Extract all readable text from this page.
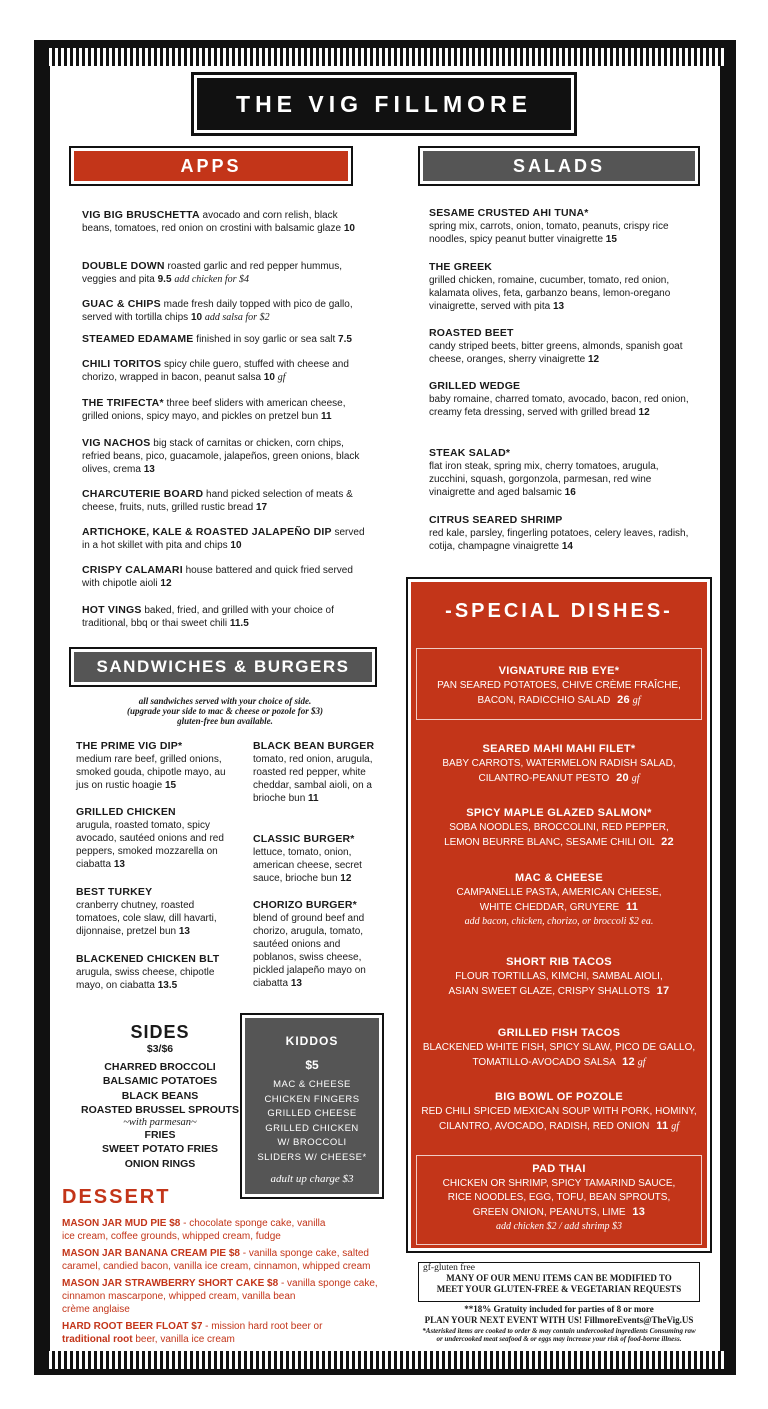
THE VIG FILLMORE
APPS
VIG BIG BRUSCHETTA avocado and corn relish, black beans, tomatoes, red onion on crostini with balsamic glaze 10
DOUBLE DOWN roasted garlic and red pepper hummus, veggies and pita 9.5 add chicken for $4
GUAC & CHIPS made fresh daily topped with pico de gallo, served with tortilla chips 10 add salsa for $2
STEAMED EDAMAME finished in soy garlic or sea salt 7.5
CHILI TORITOS spicy chile guero, stuffed with cheese and chorizo, wrapped in bacon, peanut salsa 10 gf
THE TRIFECTA* three beef sliders with american cheese, grilled onions, spicy mayo, and pickles on pretzel bun 11
VIG NACHOS big stack of carnitas or chicken, corn chips, refried beans, pico, guacamole, jalapeños, green onions, black olives, crema 13
CHARCUTERIE BOARD hand picked selection of meats & cheese, fruits, nuts, grilled rustic bread 17
ARTICHOKE, KALE & ROASTED JALAPEÑO DIP served in a hot skillet with pita and chips 10
CRISPY CALAMARI house battered and quick fried served with chipotle aioli 12
HOT VINGS baked, fried, and grilled with your choice of traditional, bbq or thai sweet chili 11.5
SALADS
SESAME CRUSTED AHI TUNA*
spring mix, carrots, onion, tomato, peanuts, crispy rice noodles, spicy peanut butter vinaigrette 15
THE GREEK
grilled chicken, romaine, cucumber, tomato, red onion, kalamata olives, feta, garbanzo beans, lemon-oregano vinaigrette, served with pita 13
ROASTED BEET
candy striped beets, bitter greens, almonds, spanish goat cheese, oranges, sherry vinaigrette 12
GRILLED WEDGE
baby romaine, charred tomato, avocado, bacon, red onion, creamy feta dressing, served with grilled bread 12
STEAK SALAD*
flat iron steak, spring mix, cherry tomatoes, arugula, zucchini, squash, gorgonzola, parmesan, red wine vinaigrette and aged balsamic 16
CITRUS SEARED SHRIMP
red kale, parsley, fingerling potatoes, celery leaves, radish, cotija, champagne vinaigrette 14
SANDWICHES & BURGERS
all sandwiches served with your choice of side.
(upgrade your side to mac & cheese or pozole for $3)
gluten-free bun available.
THE PRIME VIG DIP*
medium rare beef, grilled onions, smoked gouda, chipotle mayo, au jus on rustic hoagie 15
GRILLED CHICKEN
arugula, roasted tomato, spicy avocado, sautéed onions and red peppers, smoked mozzarella on ciabatta 13
BEST TURKEY
cranberry chutney, roasted tomatoes, cole slaw, dill havarti, dijonnaise, pretzel bun 13
BLACKENED CHICKEN BLT
arugula, swiss cheese, chipotle mayo, on ciabatta 13.5
BLACK BEAN BURGER
tomato, red onion, arugula, roasted red pepper, white cheddar, sambal aioli, on a brioche bun 11
CLASSIC BURGER*
lettuce, tomato, onion, american cheese, secret sauce, brioche bun 12
CHORIZO BURGER*
blend of ground beef and chorizo, arugula, tomato, sautéed onions and poblanos, swiss cheese, pickled jalapeño mayo on ciabatta 13
SIDES
$3/$6
CHARRED BROCCOLI
BALSAMIC POTATOES
BLACK BEANS
ROASTED BRUSSEL SPROUTS
~with parmesan~
FRIES
SWEET POTATO FRIES
ONION RINGS
KIDDOS
$5
MAC & CHEESE
CHICKEN FINGERS
GRILLED CHEESE
GRILLED CHICKEN
W/ BROCCOLI
SLIDERS W/ CHEESE*
adult up charge $3
DESSERT
MASON JAR MUD PIE $8 - chocolate sponge cake, vanilla
ice cream, coffee grounds, whipped cream, fudge
MASON JAR BANANA CREAM PIE $8 - vanilla sponge cake, salted
caramel, candied bacon, vanilla ice cream, cinnamon, whipped cream
MASON JAR STRAWBERRY SHORT CAKE $8 - vanilla sponge cake,
cinnamon mascarpone, whipped cream, vanilla bean
crème anglaise
HARD ROOT BEER FLOAT $7 - mission hard root beer or
traditional root beer, vanilla ice cream
-SPECIAL DISHES-
VIGNATURE RIB EYE*
PAN SEARED POTATOES, CHIVE CRÈME FRAÎCHE,
BACON, RADICCHIO SALAD 26 gf
SEARED MAHI MAHI FILET*
BABY CARROTS, WATERMELON RADISH SALAD,
CILANTRO-PEANUT PESTO 20 gf
SPICY MAPLE GLAZED SALMON*
SOBA NOODLES, BROCCOLINI, RED PEPPER,
LEMON BEURRE BLANC, SESAME CHILI OIL 22
MAC & CHEESE
CAMPANELLE PASTA, AMERICAN CHEESE,
WHITE CHEDDAR, GRUYERE 11
add bacon, chicken, chorizo, or broccoli $2 ea.
SHORT RIB TACOS
FLOUR TORTILLAS, KIMCHI, SAMBAL AIOLI,
ASIAN SWEET GLAZE, CRISPY SHALLOTS 17
GRILLED FISH TACOS
BLACKENED WHITE FISH, SPICY SLAW, PICO DE GALLO,
TOMATILLO-AVOCADO SALSA 12 gf
BIG BOWL OF POZOLE
RED CHILI SPICED MEXICAN SOUP WITH PORK, HOMINY,
CILANTRO, AVOCADO, RADISH, RED ONION 11 gf
PAD THAI
CHICKEN OR SHRIMP, SPICY TAMARIND SAUCE,
RICE NOODLES, EGG, TOFU, BEAN SPROUTS,
GREEN ONION, PEANUTS, LIME 13
add chicken $2 / add shrimp $3
gf-gluten free
MANY OF OUR MENU ITEMS CAN BE MODIFIED TO
MEET YOUR GLUTEN-FREE & VEGETARIAN REQUESTS
**18% Gratuity included for parties of 8 or more
PLAN YOUR NEXT EVENT WITH US! FillmoreEvents@TheVig.US
*Asterisked items are cooked to order & may contain undercooked ingredients Consuming raw
or undercooked meat seafood & or eggs may increase your risk of food-borne illness.
